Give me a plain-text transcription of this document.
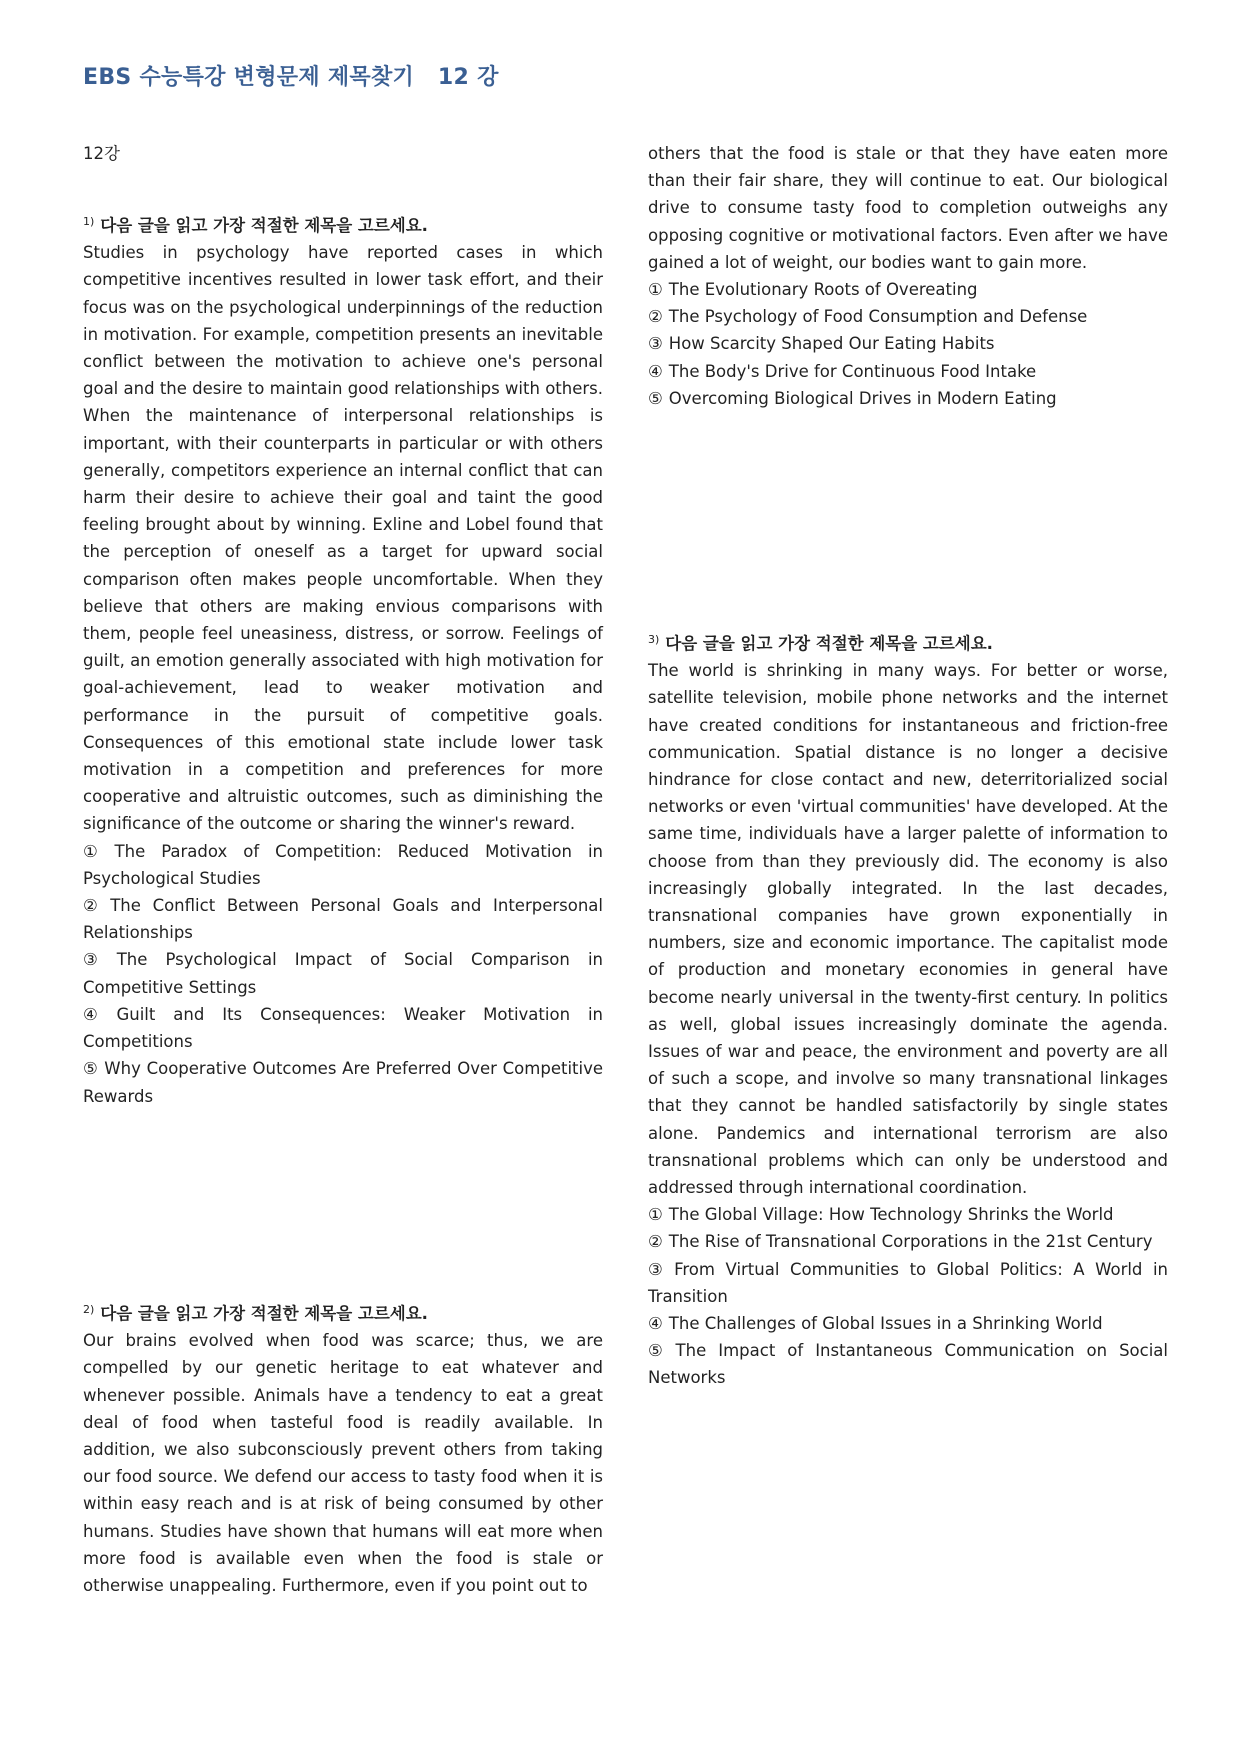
EBS 수능특강 변형문제 제목찾기   12 강
12강
$^{1)}$ 다음 글을 읽고 가장 적절한 제목을 고르세요.

Studies in psychology have reported cases in which competitive incentives resulted in lower task effort, and their focus was on the psychological underpinnings of the reduction in motivation. For example, competition presents an inevitable conflict between the motivation to achieve one's personal goal and the desire to maintain good relationships with others. When the maintenance of interpersonal relationships is important, with their counterparts in particular or with others generally, competitors experience an internal conflict that can harm their desire to achieve their goal and taint the good feeling brought about by winning. Exline and Lobel found that the perception of oneself as a target for upward social comparison often makes people uncomfortable. When they believe that others are making envious comparisons with them, people feel uneasiness, distress, or sorrow. Feelings of guilt, an emotion generally associated with high motivation for goal-achievement, lead to weaker motivation and performance in the pursuit of competitive goals. Consequences of this emotional state include lower task motivation in a competition and preferences for more cooperative and altruistic outcomes, such as diminishing the significance of the outcome or sharing the winner's reward.

① The Paradox of Competition: Reduced Motivation in Psychological Studies
② The Conflict Between Personal Goals and Interpersonal Relationships
③ The Psychological Impact of Social Comparison in Competitive Settings
④ Guilt and Its Consequences: Weaker Motivation in Competitions
⑤ Why Cooperative Outcomes Are Preferred Over Competitive Rewards
$^{2)}$ 다음 글을 읽고 가장 적절한 제목을 고르세요.

Our brains evolved when food was scarce; thus, we are compelled by our genetic heritage to eat whatever and whenever possible. Animals have a tendency to eat a great deal of food when tasteful food is readily available. In addition, we also subconsciously prevent others from taking our food source. We defend our access to tasty food when it is within easy reach and is at risk of being consumed by other humans. Studies have shown that humans will eat more when more food is available even when the food is stale or otherwise unappealing. Furthermore, even if you point out to

others that the food is stale or that they have eaten more than their fair share, they will continue to eat. Our biological drive to consume tasty food to completion outweighs any opposing cognitive or motivational factors. Even after we have gained a lot of weight, our bodies want to gain more.

① The Evolutionary Roots of Overeating
② The Psychology of Food Consumption and Defense
③ How Scarcity Shaped Our Eating Habits
④ The Body's Drive for Continuous Food Intake
⑤ Overcoming Biological Drives in Modern Eating
$^{3)}$ 다음 글을 읽고 가장 적절한 제목을 고르세요.

The world is shrinking in many ways. For better or worse, satellite television, mobile phone networks and the internet have created conditions for instantaneous and friction-free communication. Spatial distance is no longer a decisive hindrance for close contact and new, deterritorialized social networks or even 'virtual communities' have developed. At the same time, individuals have a larger palette of information to choose from than they previously did. The economy is also increasingly globally integrated. In the last decades, transnational companies have grown exponentially in numbers, size and economic importance. The capitalist mode of production and monetary economies in general have become nearly universal in the twenty-first century. In politics as well, global issues increasingly dominate the agenda. Issues of war and peace, the environment and poverty are all of such a scope, and involve so many transnational linkages that they cannot be handled satisfactorily by single states alone. Pandemics and international terrorism are also transnational problems which can only be understood and addressed through international coordination.

① The Global Village: How Technology Shrinks the World
② The Rise of Transnational Corporations in the 21st Century
③ From Virtual Communities to Global Politics: A World in Transition
④ The Challenges of Global Issues in a Shrinking World
⑤ The Impact of Instantaneous Communication on Social Networks
